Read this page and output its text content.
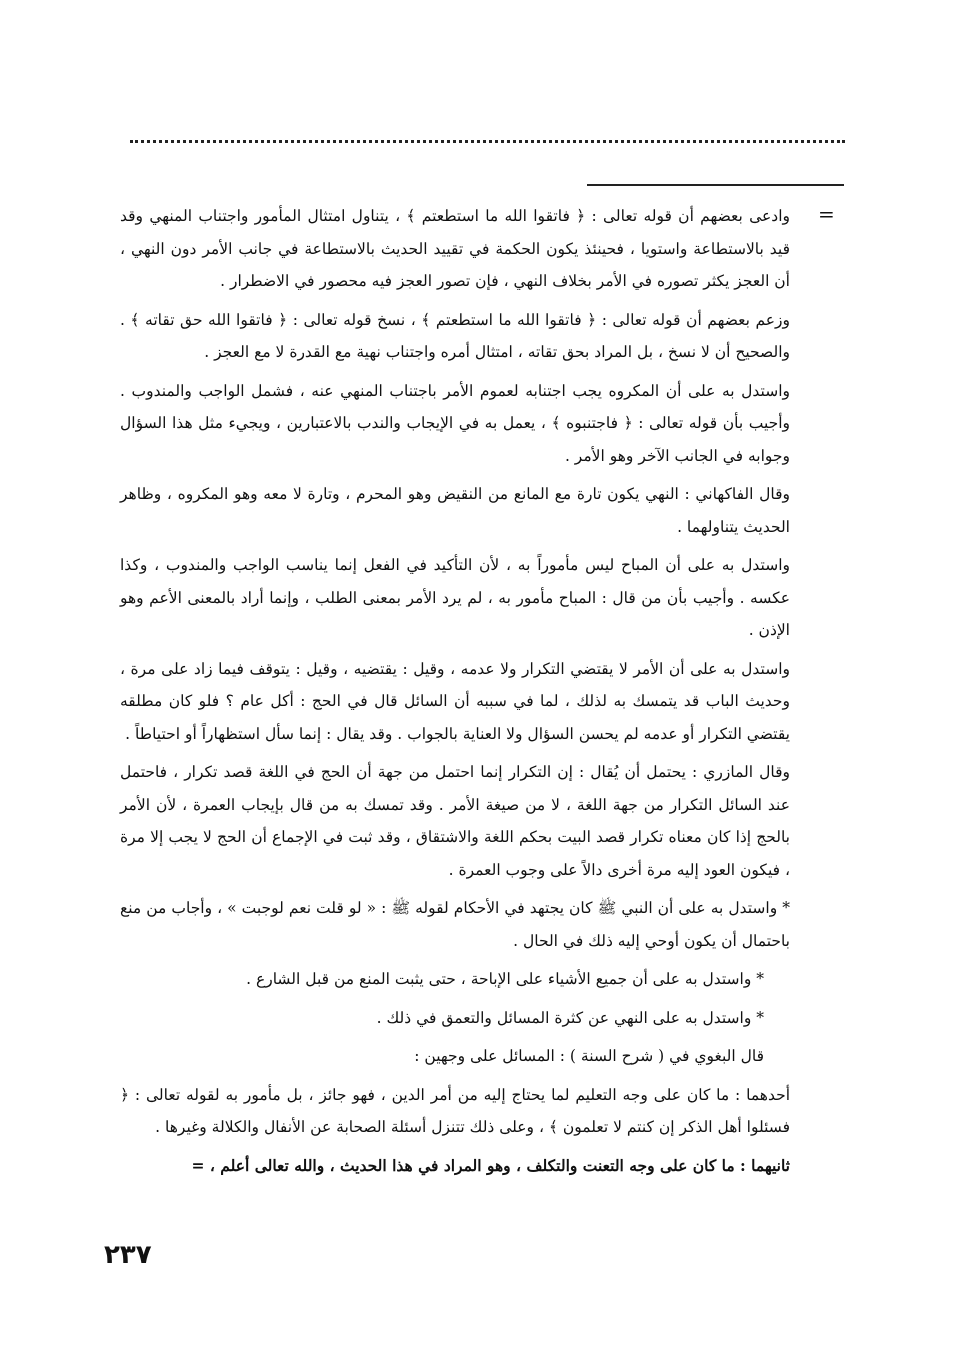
=

وادعى بعضهم أن قوله تعالى : ﴿ فاتقوا الله ما استطعتم ﴾ ، يتناول امتثال المأمور واجتناب المنهي وقد قيد بالاستطاعة واستويا ، فحينئذ يكون الحكمة في تقييد الحديث بالاستطاعة في جانب الأمر دون النهي ، أن العجز يكثر تصوره في الأمر بخلاف النهي ، فإن تصور العجز فيه محصور في الاضطرار .

وزعم بعضهم أن قوله تعالى : ﴿ فاتقوا الله ما استطعتم ﴾ ، نسخ قوله تعالى : ﴿ فاتقوا الله حق تقاته ﴾ . والصحيح أن لا نسخ ، بل المراد بحق تقاته ، امتثال أمره واجتناب نهية مع القدرة لا مع العجز .

واستدل به على أن المكروه يجب اجتنابه لعموم الأمر باجتناب المنهي عنه ، فشمل الواجب والمندوب . وأجيب بأن قوله تعالى : ﴿ فاجتنبوه ﴾ ، يعمل به في الإيجاب والندب بالاعتبارين ، ويجيء مثل هذا السؤال وجوابه في الجانب الآخر وهو الأمر .

وقال الفاكهاني : النهي يكون تارة مع المانع من النقيض وهو المحرم ، وتارة لا معه وهو المكروه ، وظاهر الحديث يتناولهما .

واستدل به على أن المباح ليس مأموراً به ، لأن التأكيد في الفعل إنما يناسب الواجب والمندوب ، وكذا عكسه . وأجيب بأن من قال : المباح مأمور به ، لم يرد الأمر بمعنى الطلب ، وإنما أراد بالمعنى الأعم وهو الإذن .

واستدل به على أن الأمر لا يقتضي التكرار ولا عدمه ، وقيل : يقتضيه ، وقيل : يتوقف فيما زاد على مرة ، وحديث الباب قد يتمسك به لذلك ، لما في سببه أن السائل قال في الحج : أكل عام ؟ فلو كان مطلقه يقتضي التكرار أو عدمه لم يحسن السؤال ولا العناية بالجواب . وقد يقال : إنما سأل استظهاراً أو احتياطاً .

وقال المازري : يحتمل أن يُقال : إن التكرار إنما احتمل من جهة أن الحج في اللغة قصد تكرار ، فاحتمل عند السائل التكرار من جهة اللغة ، لا من صيغة الأمر . وقد تمسك به من قال بإيجاب العمرة ، لأن الأمر بالحج إذا كان معناه تكرار قصد البيت بحكم اللغة والاشتقاق ، وقد ثبت في الإجماع أن الحج لا يجب إلا مرة ، فيكون العود إليه مرة أخرى دالاً على وجوب العمرة .

* واستدل به على أن النبي ﷺ كان يجتهد في الأحكام لقوله ﷺ : « لو قلت نعم لوجبت » ، وأجاب من منع باحتمال أن يكون أوحي إليه ذلك في الحال .

* واستدل به على أن جميع الأشياء على الإباحة ، حتى يثبت المنع من قبل الشارع .

* واستدل به على النهي عن كثرة المسائل والتعمق في ذلك .

قال البغوي في ( شرح السنة ) : المسائل على وجهين :

أحدهما : ما كان على وجه التعليم لما يحتاج إليه من أمر الدين ، فهو جائز ، بل مأمور به لقوله تعالى : ﴿ فسئلوا أهل الذكر إن كنتم لا تعلمون ﴾ ، وعلى ذلك تتنزل أسئلة الصحابة عن الأنفال والكلالة وغيرها .

ثانيهما : ما كان على وجه التعنت والتكلف ، وهو المراد في هذا الحديث ، والله تعالى أعلم ، =

٢٣٧
